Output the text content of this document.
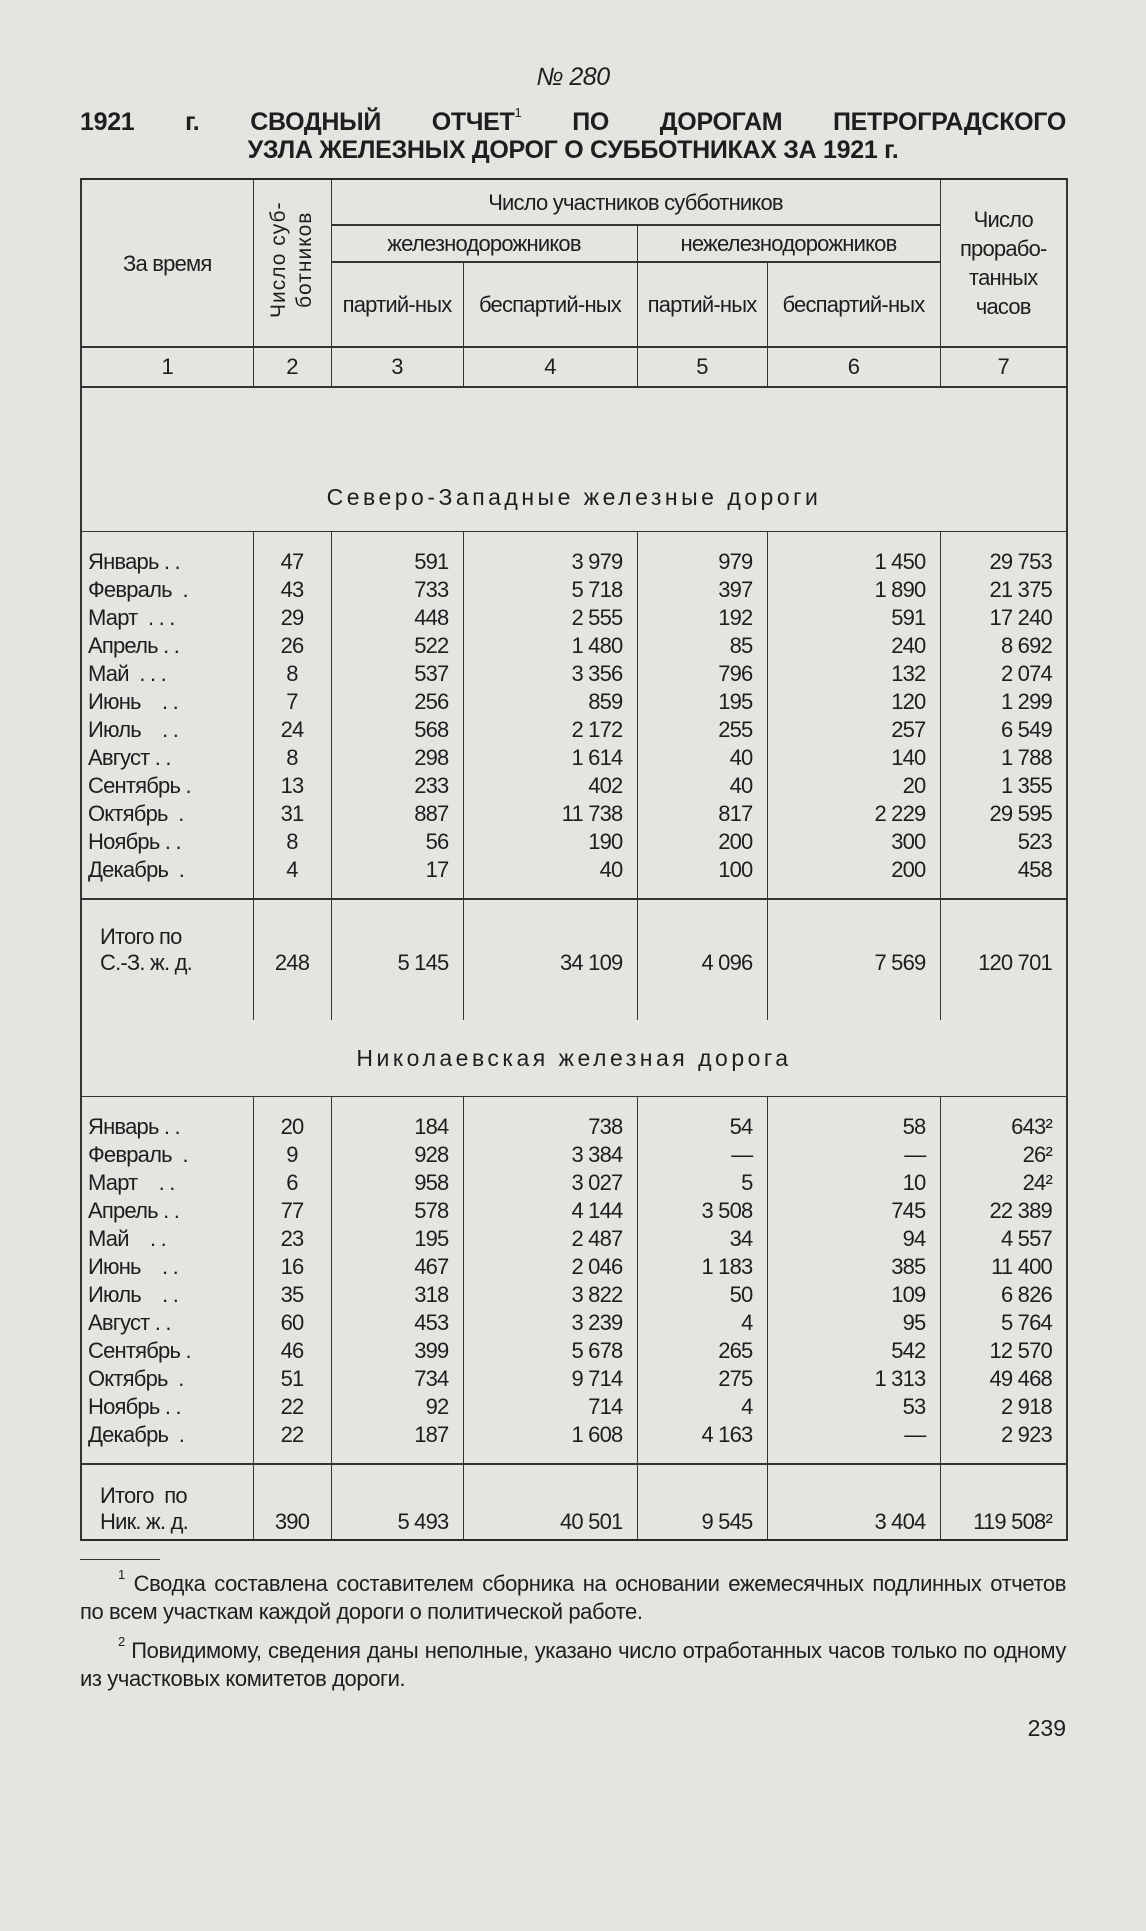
№ 280
1921 г. СВОДНЫЙ ОТЧЕТ$^1$ ПО ДОРОГАМ ПЕТРОГРАДСКОГО
УЗЛА ЖЕЛЕЗНЫХ ДОРОГ О СУББОТНИКАХ ЗА 1921 г.
За время	Число суб-ботников	Число участников субботников				Число прорабо-танных часов
		железнодорожников		нежелезнодорожников		
		партий-ных	беспартий-ных	партий-ных	беспартий-ных	
1	2	3	4	5	6	7
Северо-Западные железные дороги						

Январь . .	47	591	3 979	979	1 450	29 753
Февраль  .	43	733	5 718	397	1 890	21 375
Март  . . .	29	448	2 555	192	591	17 240
Апрель . .	26	522	1 480	85	240	8 692
Май  . . .	8	537	3 356	796	132	2 074
Июнь    . .	7	256	859	195	120	1 299
Июль    . .	24	568	2 172	255	257	6 549
Август . .	8	298	1 614	40	140	1 788
Сентябрь .	13	233	402	40	20	1 355
Октябрь  .	31	887	11 738	817	2 229	29 595
Ноябрь . .	8	56	190	200	300	523
Декабрь  .	4	17	40	100	200	458

Итого по
С.-З. ж. д.	248	5 145	34 109	4 096	7 569	120 701

Николаевская железная дорога						

Январь . .	20	184	738	54	58	643²
Февраль  .	9	928	3 384	—	—	26²
Март    . .	6	958	3 027	5	10	24²
Апрель . .	77	578	4 144	3 508	745	22 389
Май    . .	23	195	2 487	34	94	4 557
Июнь    . .	16	467	2 046	1 183	385	11 400
Июль    . .	35	318	3 822	50	109	6 826
Август . .	60	453	3 239	4	95	5 764
Сентябрь .	46	399	5 678	265	542	12 570
Октябрь  .	51	734	9 714	275	1 313	49 468
Ноябрь . .	22	92	714	4	53	2 918
Декабрь  .	22	187	1 608	4 163	—	2 923

Итого  по
Ник. ж. д.	390	5 493	40 501	9 545	3 404	119 508²
$^1$ Сводка составлена составителем сборника на основании ежемесячных подлинных отчетов по всем участкам каждой дороги о политической работе.
$^2$ Повидимому, сведения даны неполные, указано число отработанных часов только по одному из участковых комитетов дороги.
239
